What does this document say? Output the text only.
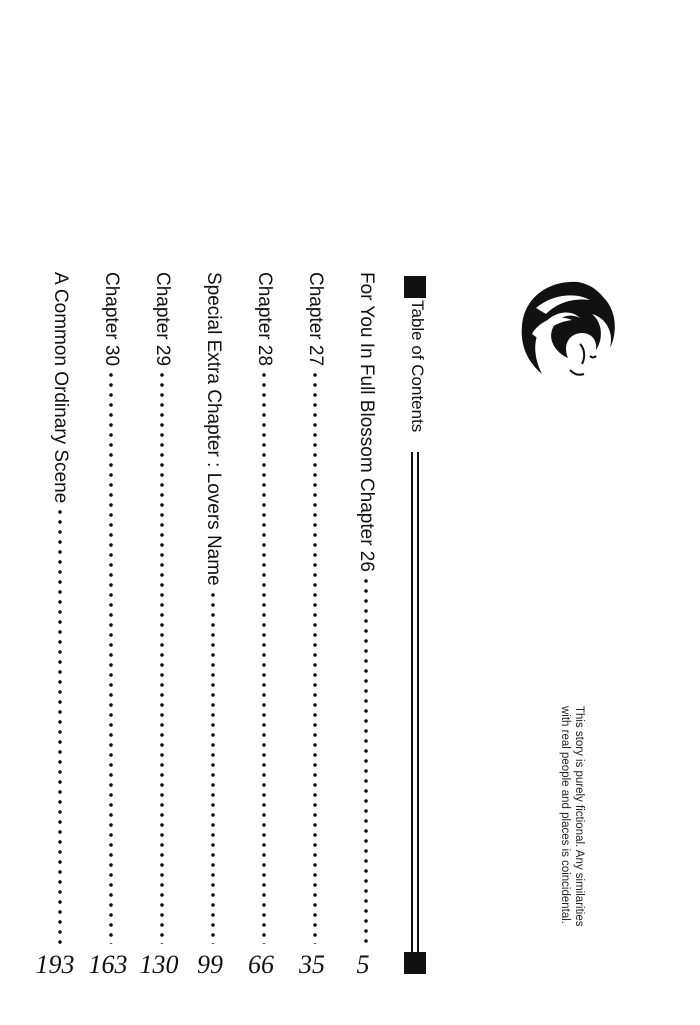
Table of Contents
For You In Full Blossom Chapter 26
5
Chapter 27
35
Chapter 28
66
Special Extra Chapter : Lovers Name
99
Chapter 29
130
Chapter 30
163
A Common Ordinary Scene
193
This story is purely fictional. Any similarities
with real people and places is coincidental.
